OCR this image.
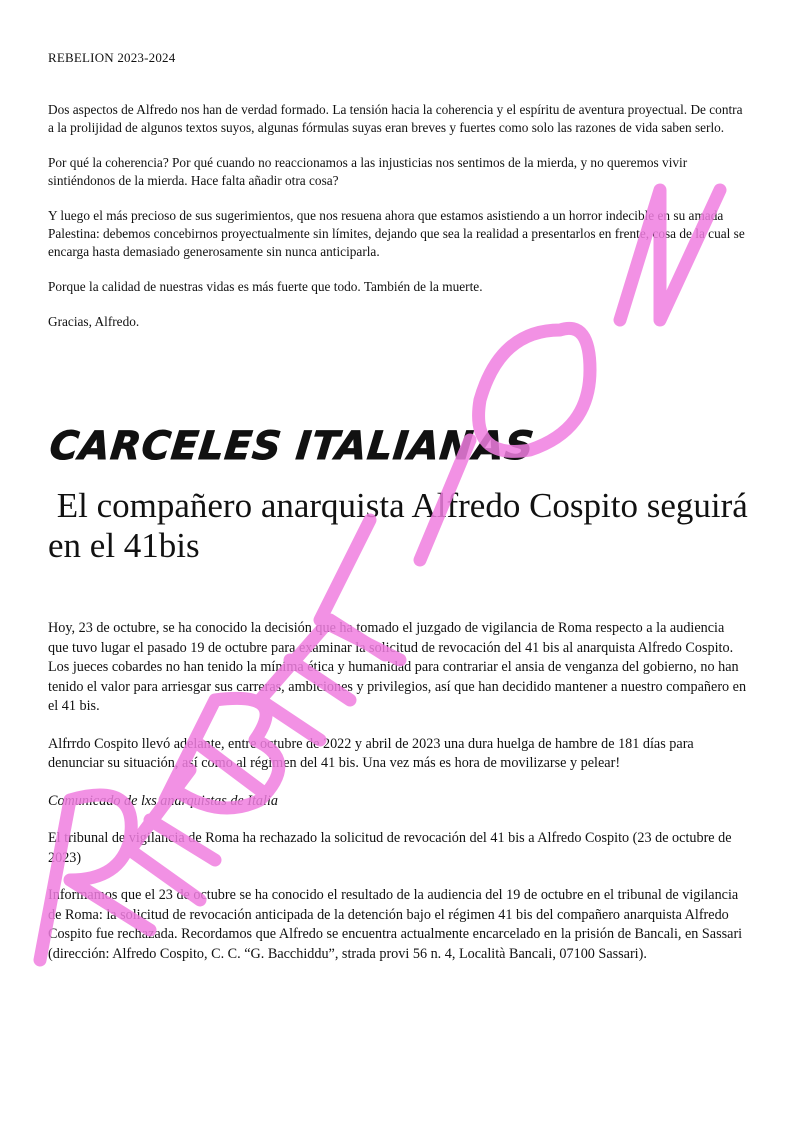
REBELION 2023-2024

Dos aspectos de Alfredo nos han de verdad formado. La tensión hacia la coherencia y el espíritu de aventura proyectual. De contra a la prolijidad de algunos textos suyos, algunas fórmulas suyas eran breves y fuertes como solo las razones de vida saben serlo.

Por qué la coherencia? Por qué cuando no reaccionamos a las injusticias nos sentimos de la mierda, y no queremos vivir sintiéndonos de la mierda. Hace falta añadir otra cosa?

Y luego el más precioso de sus sugerimientos, que nos resuena ahora que estamos asistiendo a un horror indecible en su amada Palestina: debemos concebirnos proyectualmente sin límites, dejando que sea la realidad a presentarlos en frente, cosa de la cual se encarga hasta demasiado generosamente sin nunca anticiparla.

Porque la calidad de nuestras vidas es más fuerte que todo. También de la muerte.

Gracias, Alfredo.

CARCELES ITALIANAS
El compañero anarquista Alfredo Cospito seguirá en el 41bis

Hoy, 23 de octubre, se ha conocido la decisión que ha tomado el juzgado de vigilancia de Roma respecto a la audiencia que tuvo lugar el pasado 19 de octubre para examinar la solicitud de revocación del 41 bis al anarquista Alfredo Cospito. Los jueces cobardes no han tenido la mínima ética y humanidad para contrariar el ansia de venganza del gobierno, no han tenido el valor para arriesgar sus carreras, ambiciones y privilegios, así que han decidido mantener a nuestro compañero en el 41 bis.

Alfrrdo Cospito llevó adelante, entre octubre de 2022 y abril de 2023 una dura huelga de hambre de 181 días para denunciar su situación, así como al régimen del 41 bis. Una vez más es hora de movilizarse y pelear!

Comunicado de lxs anarquistas de Italia

El tribunal de vigilancia de Roma ha rechazado la solicitud de revocación del 41 bis a Alfredo Cospito (23 de octubre de 2023)

Informamos que el 23 de octubre se ha conocido el resultado de la audiencia del 19 de octubre en el tribunal de vigilancia de Roma: la solicitud de revocación anticipada de la detención bajo el régimen 41 bis del compañero anarquista Alfredo Cospito fue rechazada. Recordamos que Alfredo se encuentra actualmente encarcelado en la prisión de Bancali, en Sassari (dirección: Alfredo Cospito, C. C. “G. Bacchiddu”, strada provi 56 n. 4, Località Bancali, 07100 Sassari).
